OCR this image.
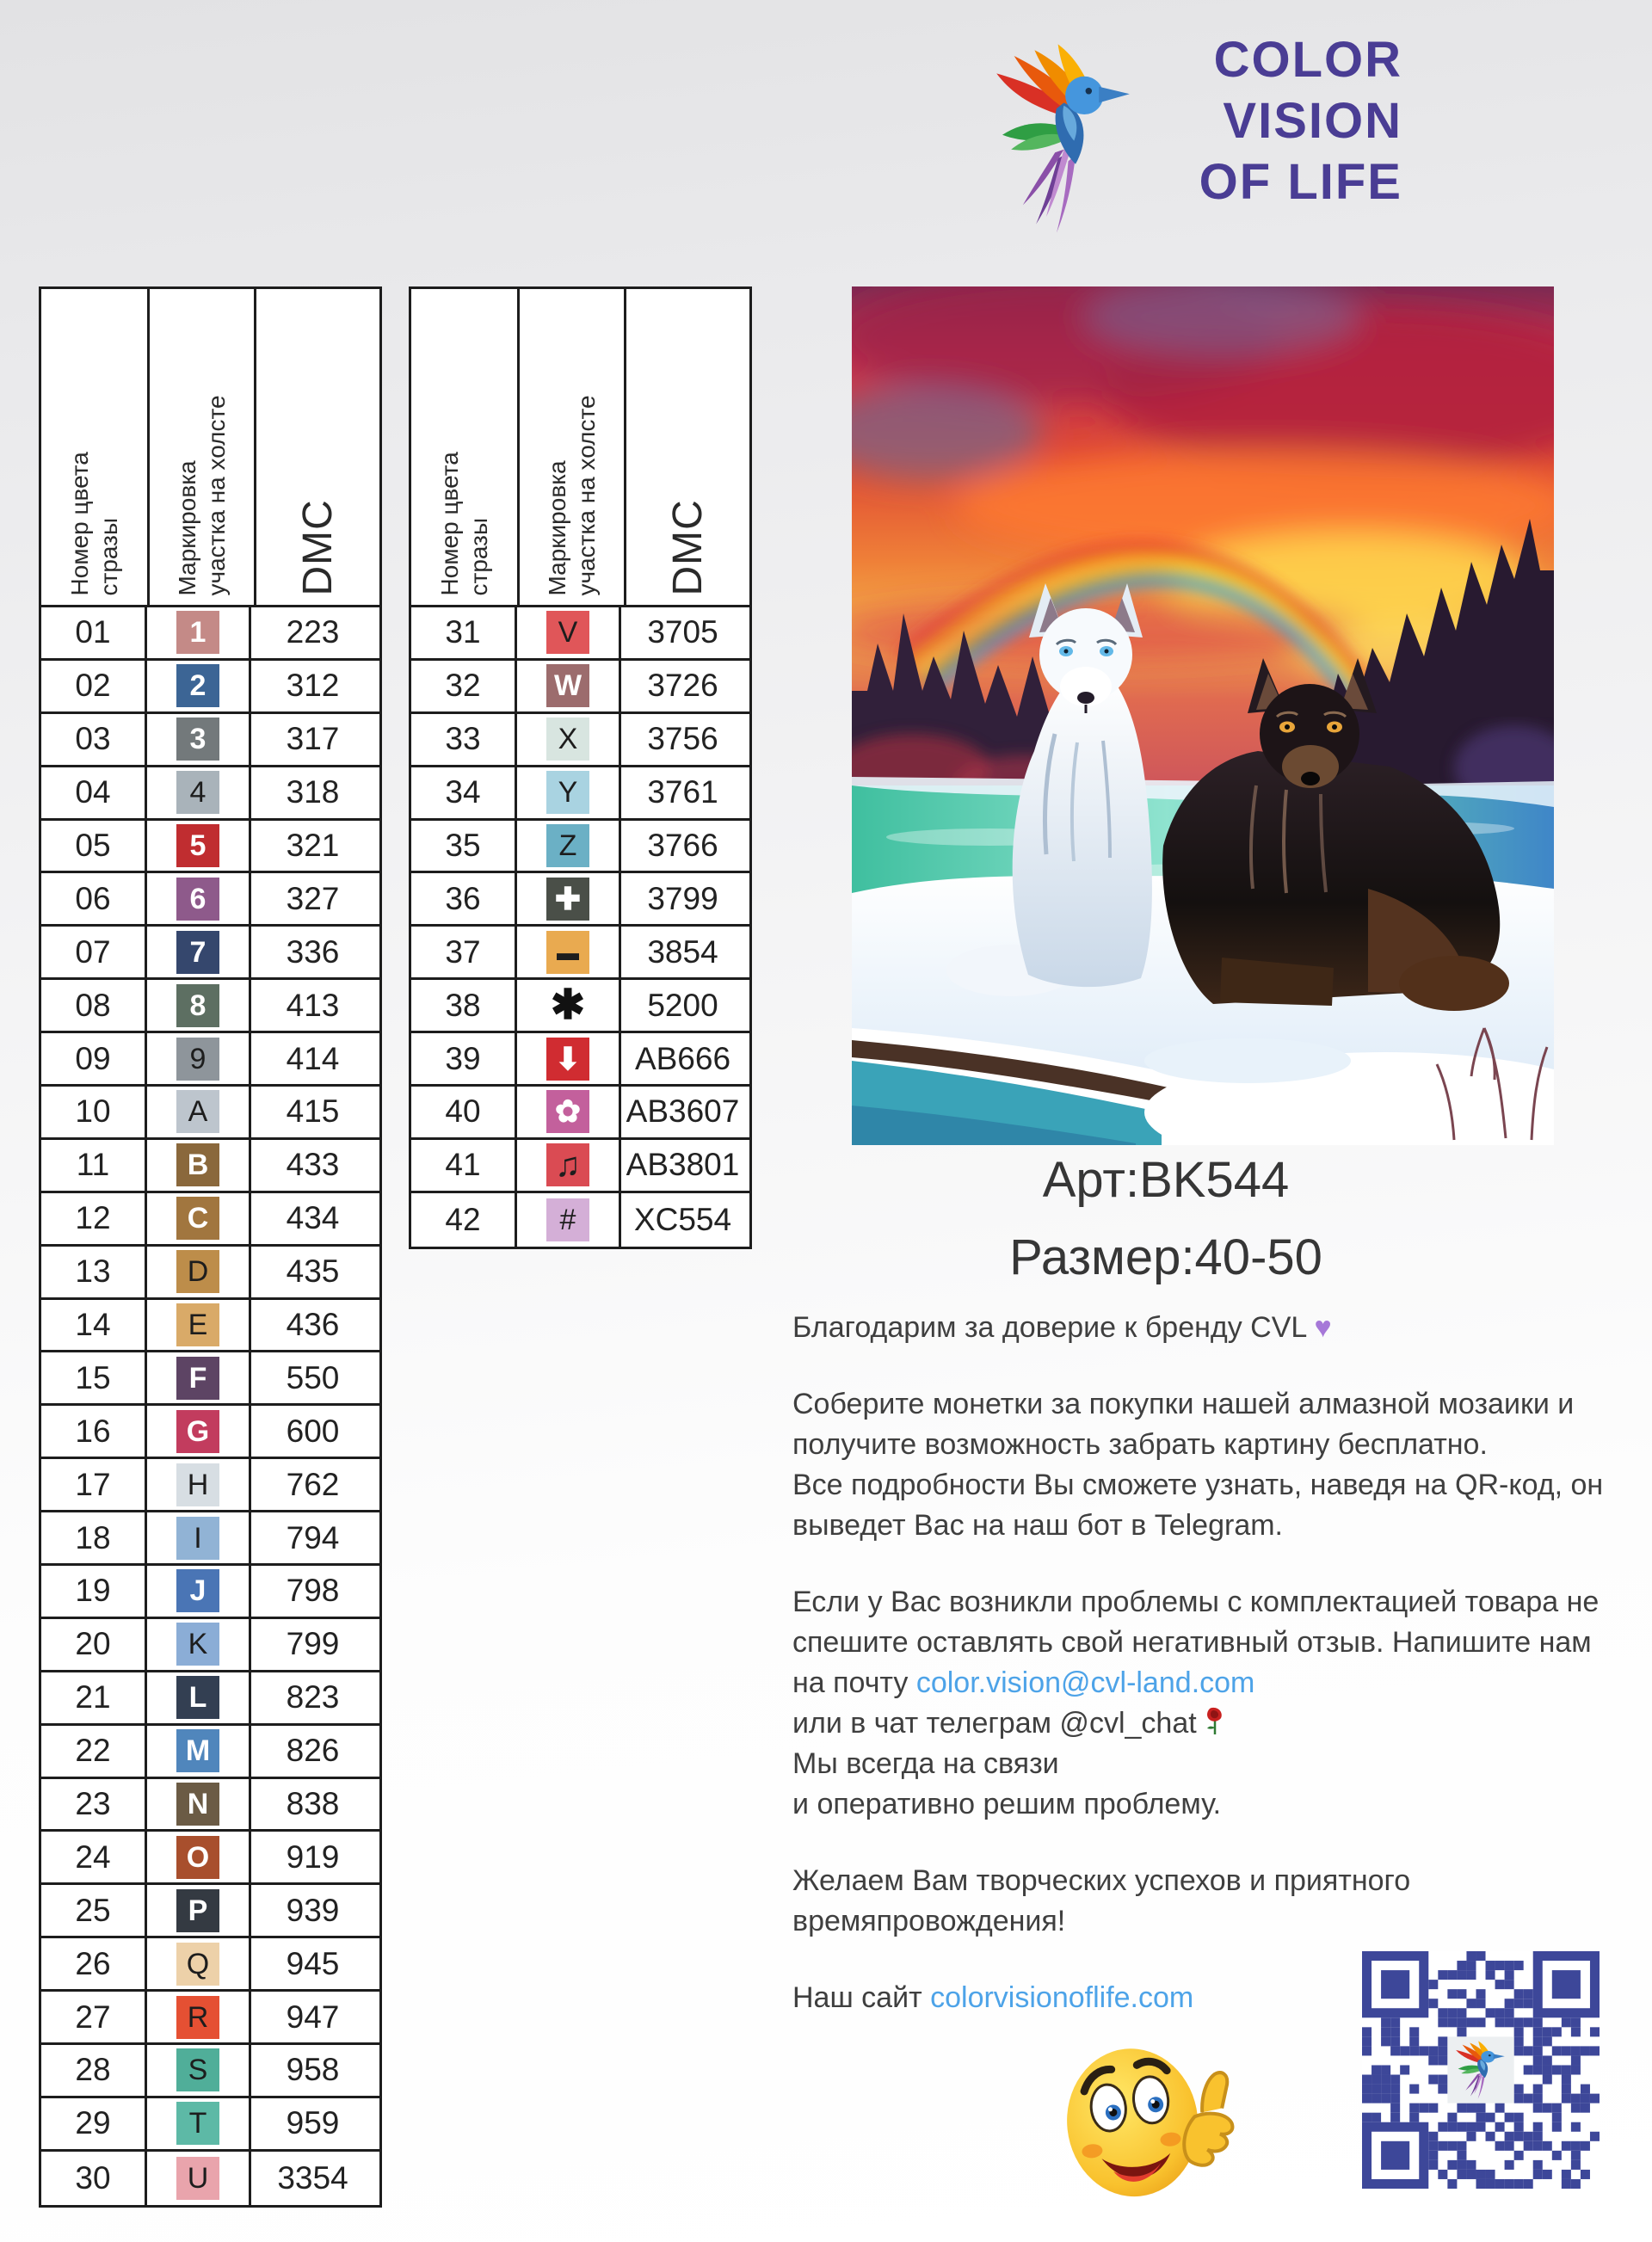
COLOR
VISION
OF LIFE
Номер цвета стразы Маркировка участка на холсте DMC
01	1	223
02	2	312
03	3	317
04	4	318
05	5	321
06	6	327
07	7	336
08	8	413
09	9	414
10	A	415
11	B	433
12	C	434
13	D	435
14	E	436
15	F	550
16	G	600
17	H	762
18	I	794
19	J	798
20	K	799
21	L	823
22	M	826
23	N	838
24	O	919
25	P	939
26	Q	945
27	R	947
28	S	958
29	T	959
30	U	3354
Номер цвета стразы Маркировка участка на холсте DMC
31	V	3705
32	W	3726
33	X	3756
34	Y	3761
35	Z	3766
36	✚	3799
37	▬	3854
38	✱	5200
39	⬇	AB666
40	✿ AB3607
41	♫ AB3801
42	#	XC554
Арт:BK544
Размер:40-50
Благодарим за доверие к бренду CVL ♥
Соберите монетки за покупки нашей алмазной мозаики и
получите возможность забрать картину бесплатно.
Все подробности Вы сможете узнать, наведя на QR-код, он
выведет Вас на наш бот в Telegram.
Если у Вас возникли проблемы с комплектацией товара не
спешите оставлять свой негативный отзыв. Напишите нам
на почту color.vision@cvl-land.com
или в чат телеграм @cvl_chat
Мы всегда на связи
и оперативно решим проблему.
Желаем Вам творческих успехов и приятного
времяпровождения!
Наш сайт colorvisionoflife.com
